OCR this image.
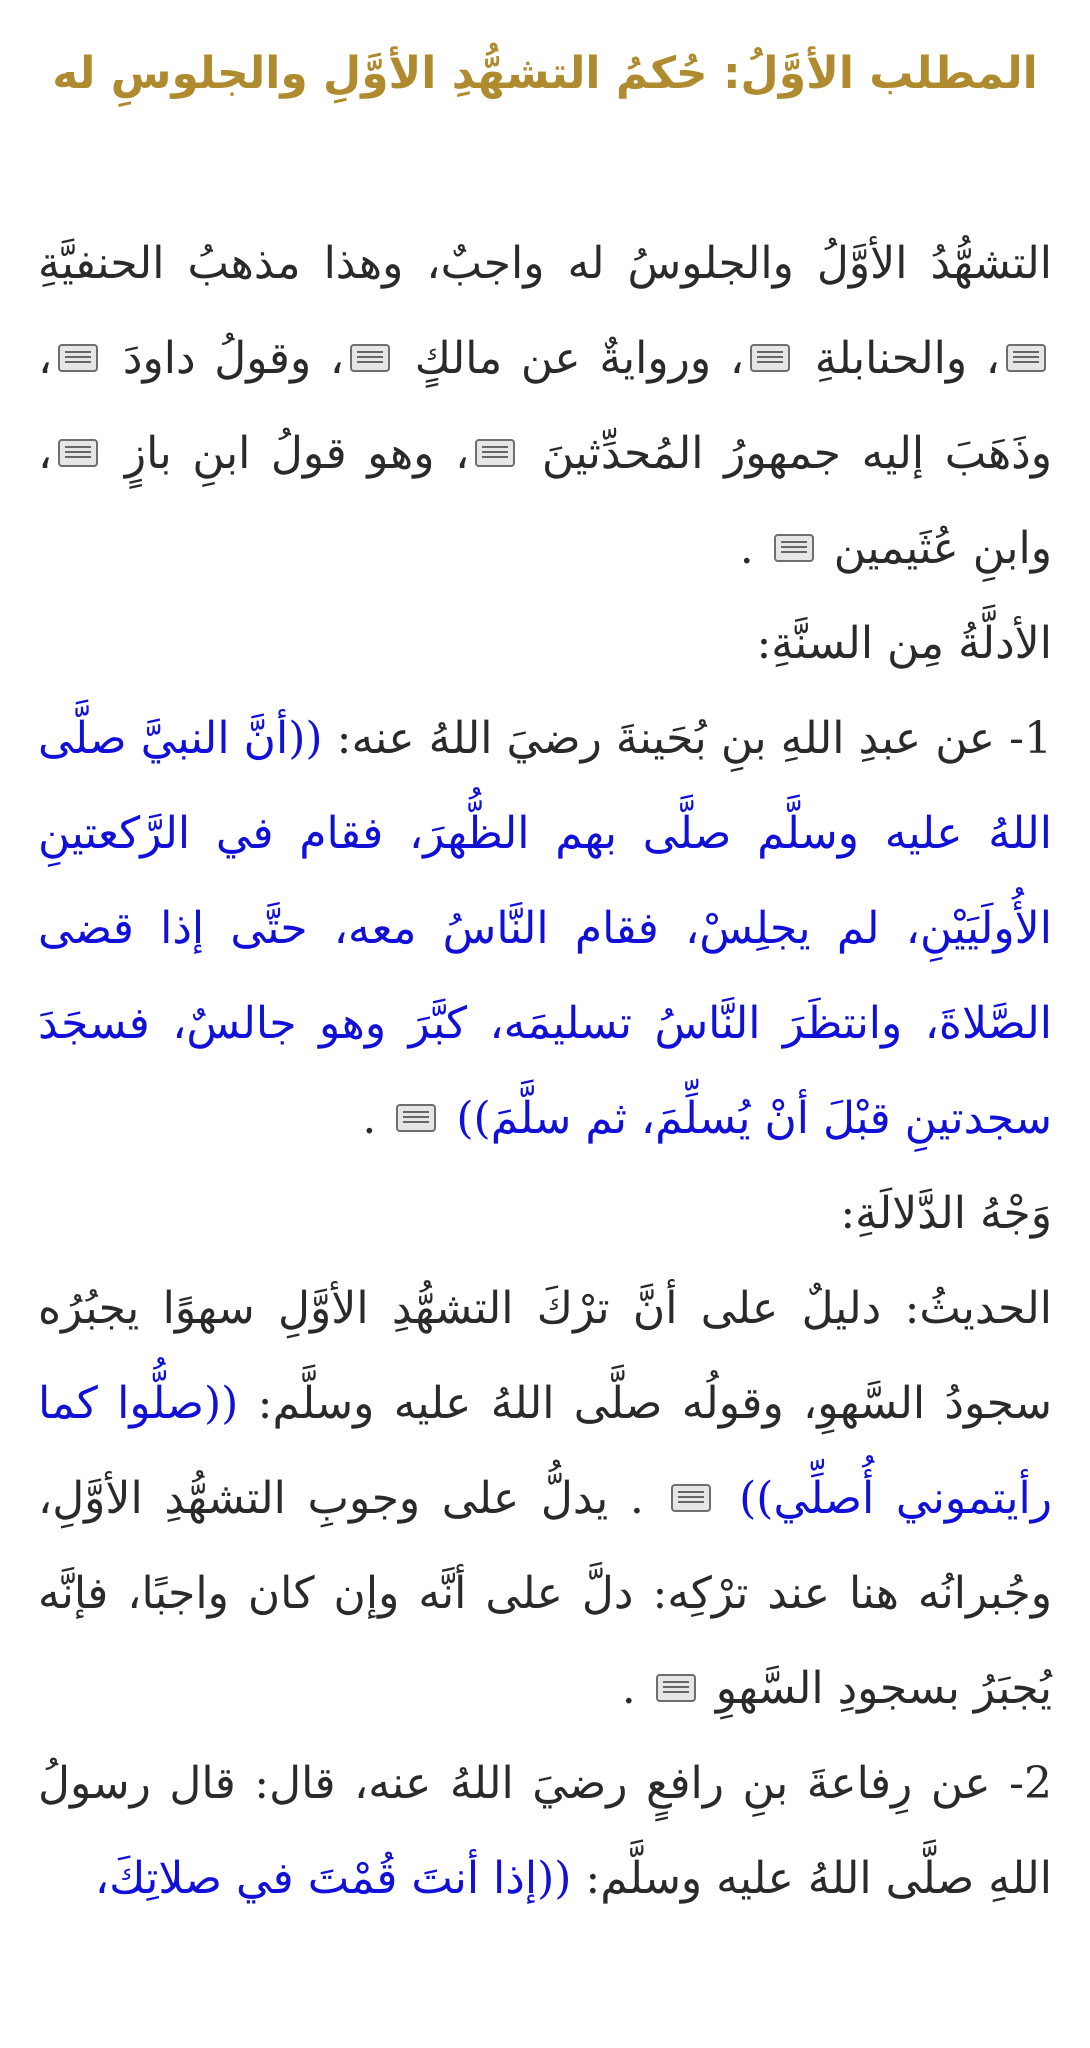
المطلب الأوَّلُ: حُكمُ التشهُّدِ الأوَّلِ والجلوسِ له

التشهُّدُ الأوَّلُ والجلوسُ له واجبٌ، وهذا مذهبُ الحنفيَّةِ ، والحنابلةِ ، وروايةٌ عن مالكٍ ، وقولُ داودَ ، وذَهَبَ إليه جمهورُ المُحدِّثينَ ، وهو قولُ ابنِ بازٍ ، وابنِ عُثَيمين  .

الأدلَّةُ مِن السنَّةِ:

1- عن عبدِ اللهِ بنِ بُحَينةَ رضيَ اللهُ عنه: ((أنَّ النبيَّ صلَّى اللهُ عليه وسلَّم صلَّى بهم الظُّهرَ، فقام في الرَّكعتينِ الأُولَيَيْنِ، لم يجلِسْ، فقام النَّاسُ معه، حتَّى إذا قضى الصَّلاةَ، وانتظَرَ النَّاسُ تسليمَه، كبَّرَ وهو جالسٌ، فسجَدَ سجدتينِ قبْلَ أنْ يُسلِّمَ، ثم سلَّمَ))  .

وَجْهُ الدَّلالَةِ:

الحديثُ: دليلٌ على أنَّ ترْكَ التشهُّدِ الأوَّلِ سهوًا يجبُرُه سجودُ السَّهوِ، وقولُه صلَّى اللهُ عليه وسلَّم: ((صلُّوا كما رأيتموني أُصلِّي))  . يدلُّ على وجوبِ التشهُّدِ الأوَّلِ، وجُبرانُه هنا عند ترْكِه: دلَّ على أنَّه وإن كان واجبًا، فإنَّه يُجبَرُ بسجودِ السَّهوِ  .

2- عن رِفاعةَ بنِ رافعٍ رضيَ اللهُ عنه، قال: قال رسولُ اللهِ صلَّى اللهُ عليه وسلَّم: ((إذا أنتَ قُمْتَ في صلاتِكَ،
